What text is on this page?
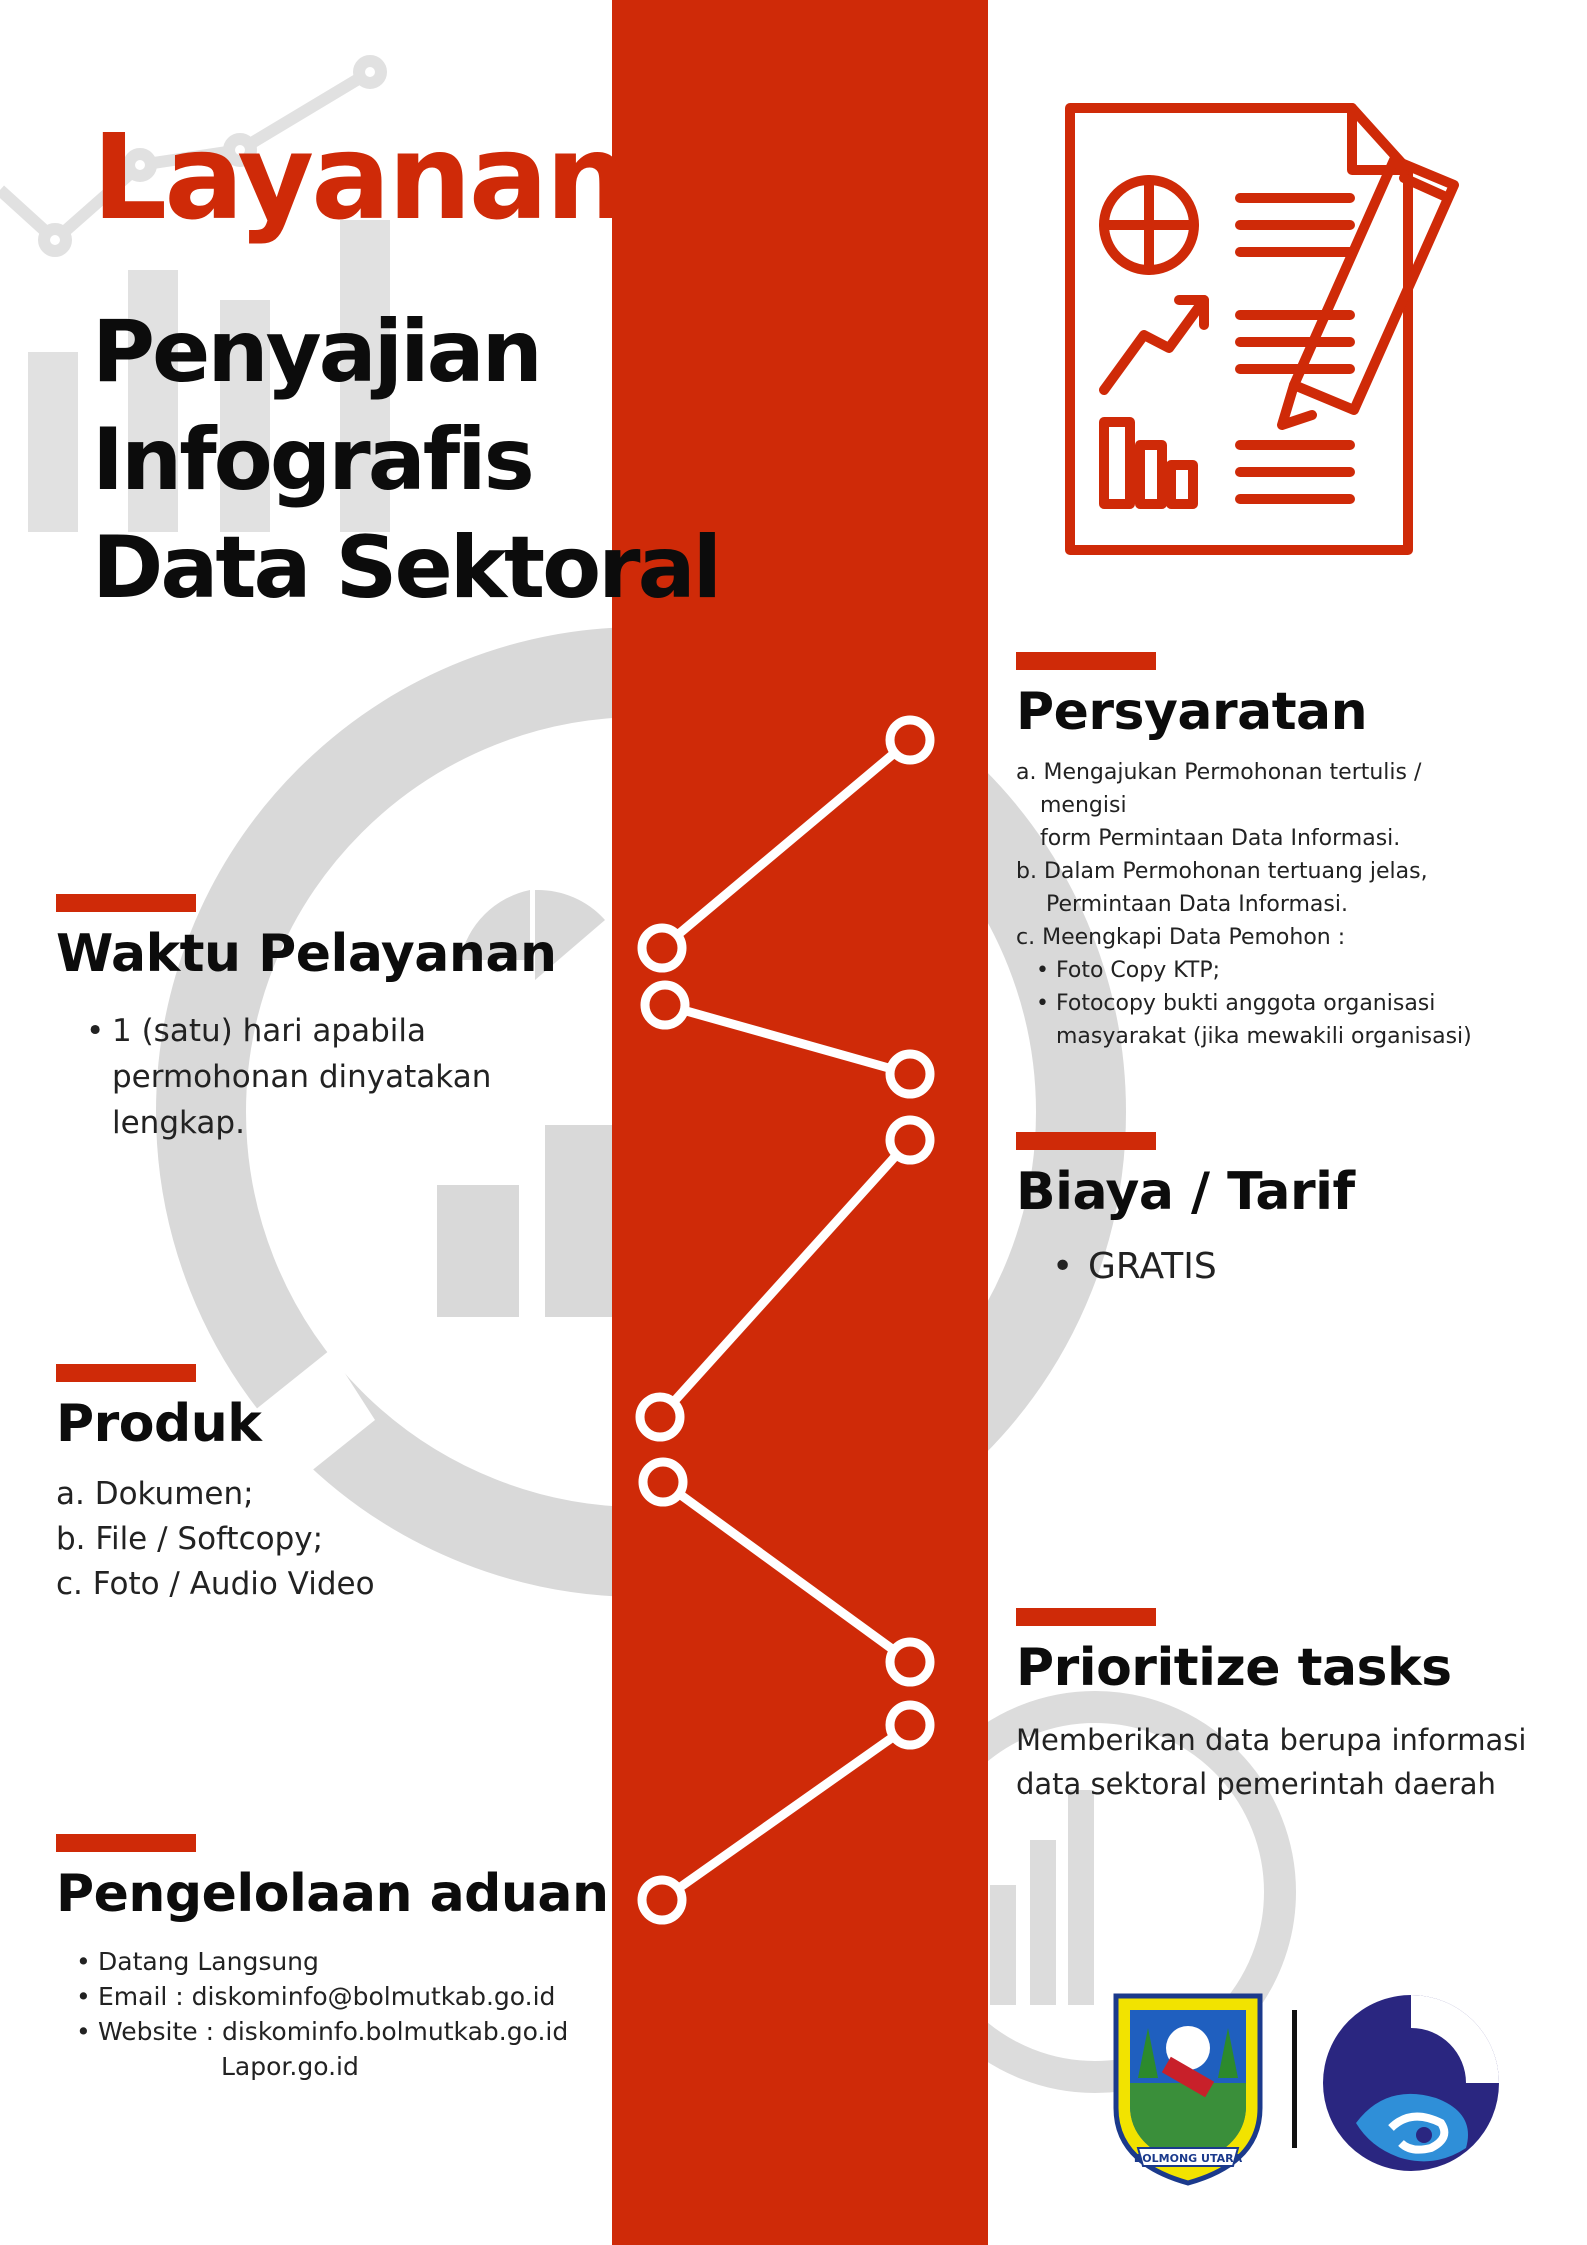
Layanan
Penyajian Infografis
Data Sektoral
Waktu Pelayanan
• 1 (satu) hari apabila permohonan dinyatakan lengkap.
Produk
a. Dokumen;
b. File / Softcopy;
c. Foto / Audio Video
Pengelolaan aduan
• Datang Langsung
• Email : diskominfo@bolmutkab.go.id
• Website : diskominfo.bolmutkab.go.id
Lapor.go.id
Persyaratan
a. Mengajukan Permohonan tertulis /
mengisi
form Permintaan Data Informasi.
b. Dalam Permohonan tertuang jelas,
Permintaan Data Informasi.
c. Meengkapi Data Pemohon :
• Foto Copy KTP;
• Fotocopy bukti anggota organisasi
masyarakat (jika mewakili organisasi)
Biaya / Tarif
• GRATIS
Prioritize tasks
Memberikan data berupa informasi data sektoral pemerintah daerah
BOLMONG UTARA
